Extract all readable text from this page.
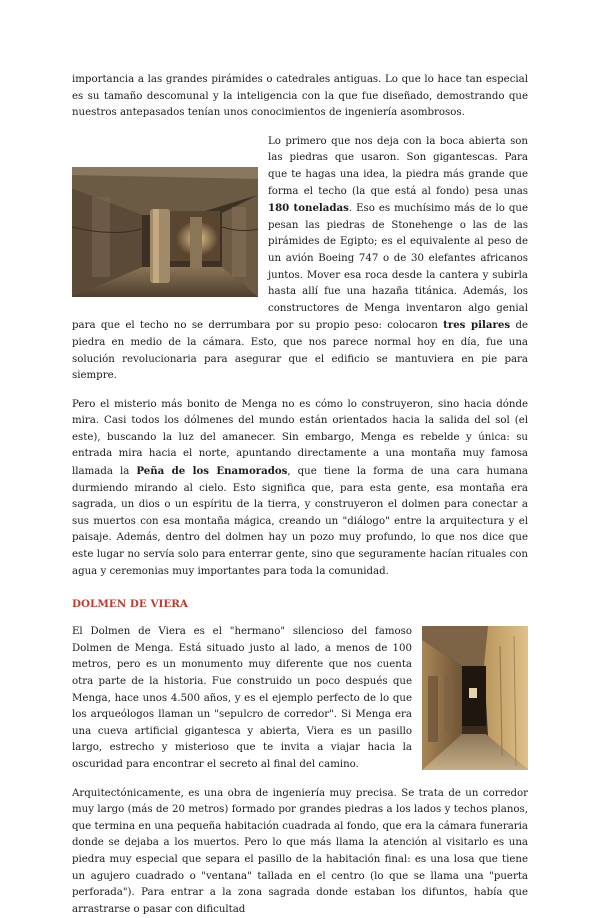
importancia a las grandes pirámides o catedrales antiguas. Lo que lo hace tan especial es su tamaño descomunal y la inteligencia con la que fue diseñado, demostrando que nuestros antepasados tenían unos conocimientos de ingeniería asombrosos.

Lo primero que nos deja con la boca abierta son las piedras que usaron. Son gigantescas. Para que te hagas una idea, la piedra más grande que forma el techo (la que está al fondo) pesa unas 180 toneladas. Eso es muchísimo más de lo que pesan las piedras de Stonehenge o las de las pirámides de Egipto; es el equivalente al peso de un avión Boeing 747 o de 30 elefantes africanos juntos. Mover esa roca desde la cantera y subirla hasta allí fue una hazaña titánica. Además, los constructores de Menga inventaron algo genial para que el techo no se derrumbara por su propio peso: colocaron tres pilares de piedra en medio de la cámara. Esto, que nos parece normal hoy en día, fue una solución revolucionaria para asegurar que el edificio se mantuviera en pie para siempre.

Pero el misterio más bonito de Menga no es cómo lo construyeron, sino hacia dónde mira. Casi todos los dólmenes del mundo están orientados hacia la salida del sol (el este), buscando la luz del amanecer. Sin embargo, Menga es rebelde y única: su entrada mira hacia el norte, apuntando directamente a una montaña muy famosa llamada la Peña de los Enamorados, que tiene la forma de una cara humana durmiendo mirando al cielo. Esto significa que, para esta gente, esa montaña era sagrada, un dios o un espíritu de la tierra, y construyeron el dolmen para conectar a sus muertos con esa montaña mágica, creando un "diálogo" entre la arquitectura y el paisaje. Además, dentro del dolmen hay un pozo muy profundo, lo que nos dice que este lugar no servía solo para enterrar gente, sino que seguramente hacían rituales con agua y ceremonias muy importantes para toda la comunidad.

DOLMEN DE VIERA

El Dolmen de Viera es el "hermano" silencioso del famoso Dolmen de Menga. Está situado justo al lado, a menos de 100 metros, pero es un monumento muy diferente que nos cuenta otra parte de la historia. Fue construido un poco después que Menga, hace unos 4.500 años, y es el ejemplo perfecto de lo que los arqueólogos llaman un "sepulcro de corredor". Si Menga era una cueva artificial gigantesca y abierta, Viera es un pasillo largo, estrecho y misterioso que te invita a viajar hacia la oscuridad para encontrar el secreto al final del camino.

Arquitectónicamente, es una obra de ingeniería muy precisa. Se trata de un corredor muy largo (más de 20 metros) formado por grandes piedras a los lados y techos planos, que termina en una pequeña habitación cuadrada al fondo, que era la cámara funeraria donde se dejaba a los muertos. Pero lo que más llama la atención al visitarlo es una piedra muy especial que separa el pasillo de la habitación final: es una losa que tiene un agujero cuadrado o "ventana" tallada en el centro (lo que se llama una "puerta perforada"). Para entrar a la zona sagrada donde estaban los difuntos, había que arrastrarse o pasar con dificultad
